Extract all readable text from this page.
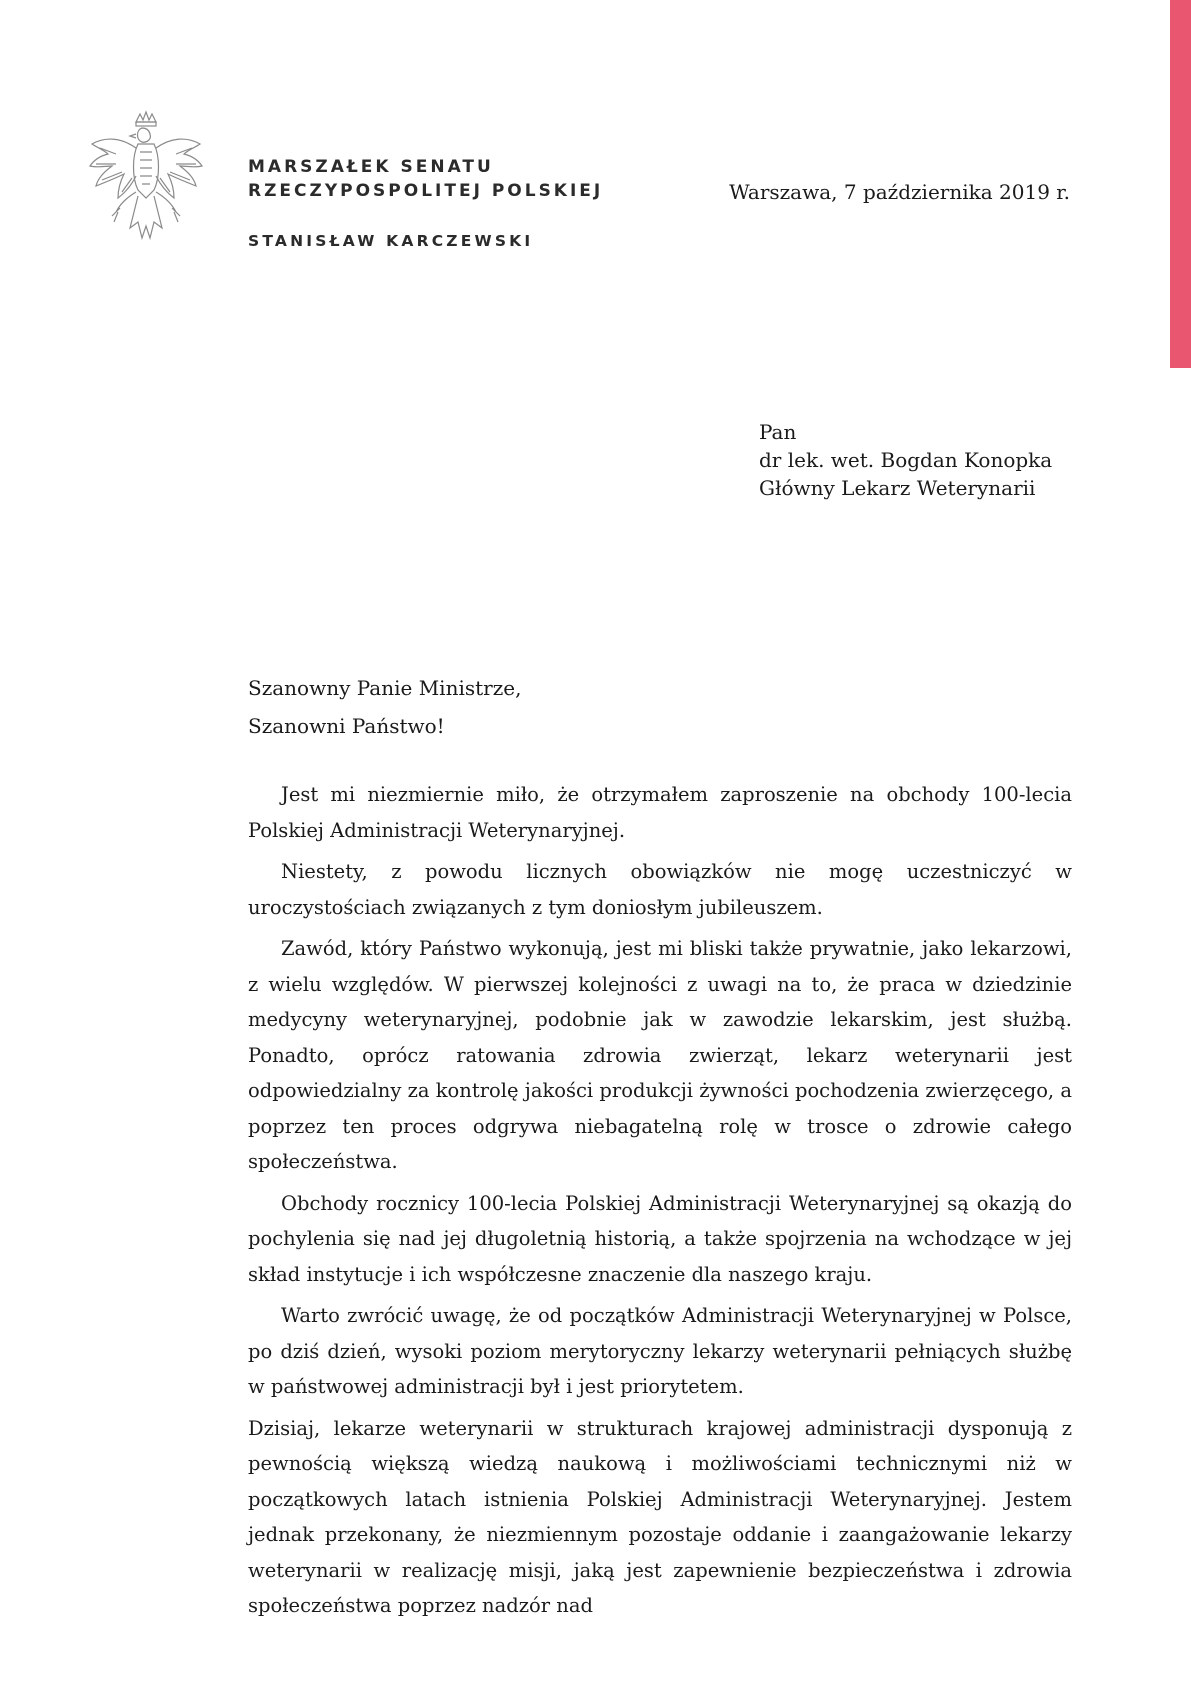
MARSZAŁEK SENATU
RZECZYPOSPOLITEJ POLSKIEJ
STANISŁAW KARCZEWSKI
Warszawa, 7 października 2019 r.
Pan
dr lek. wet. Bogdan Konopka
Główny Lekarz Weterynarii
Szanowny Panie Ministrze,
Szanowni Państwo!

Jest mi niezmiernie miło, że otrzymałem zaproszenie na obchody 100-lecia Polskiej Administracji Weterynaryjnej.

Niestety, z powodu licznych obowiązków nie mogę uczestniczyć w uroczystościach związanych z tym doniosłym jubileuszem.

Zawód, który Państwo wykonują, jest mi bliski także prywatnie, jako lekarzowi, z wielu względów. W pierwszej kolejności z uwagi na to, że praca w dziedzinie medycyny weterynaryjnej, podobnie jak w zawodzie lekarskim, jest służbą. Ponadto, oprócz ratowania zdrowia zwierząt, lekarz weterynarii jest odpowiedzialny za kontrolę jakości produkcji żywności pochodzenia zwierzęcego, a poprzez ten proces odgrywa niebagatelną rolę w trosce o zdrowie całego społeczeństwa.

Obchody rocznicy 100-lecia Polskiej Administracji Weterynaryjnej są okazją do pochylenia się nad jej długoletnią historią, a także spojrzenia na wchodzące w jej skład instytucje i ich współczesne znaczenie dla naszego kraju.

Warto zwrócić uwagę, że od początków Administracji Weterynaryjnej w Polsce, po dziś dzień, wysoki poziom merytoryczny lekarzy weterynarii pełniących służbę w państwowej administracji był i jest priorytetem.

Dzisiaj, lekarze weterynarii w strukturach krajowej administracji dysponują z pewnością większą wiedzą naukową i możliwościami technicznymi niż w początkowych latach istnienia Polskiej Administracji Weterynaryjnej. Jestem jednak przekonany, że niezmiennym pozostaje oddanie i zaangażowanie lekarzy weterynarii w realizację misji, jaką jest zapewnienie bezpieczeństwa i zdrowia społeczeństwa poprzez nadzór nad
